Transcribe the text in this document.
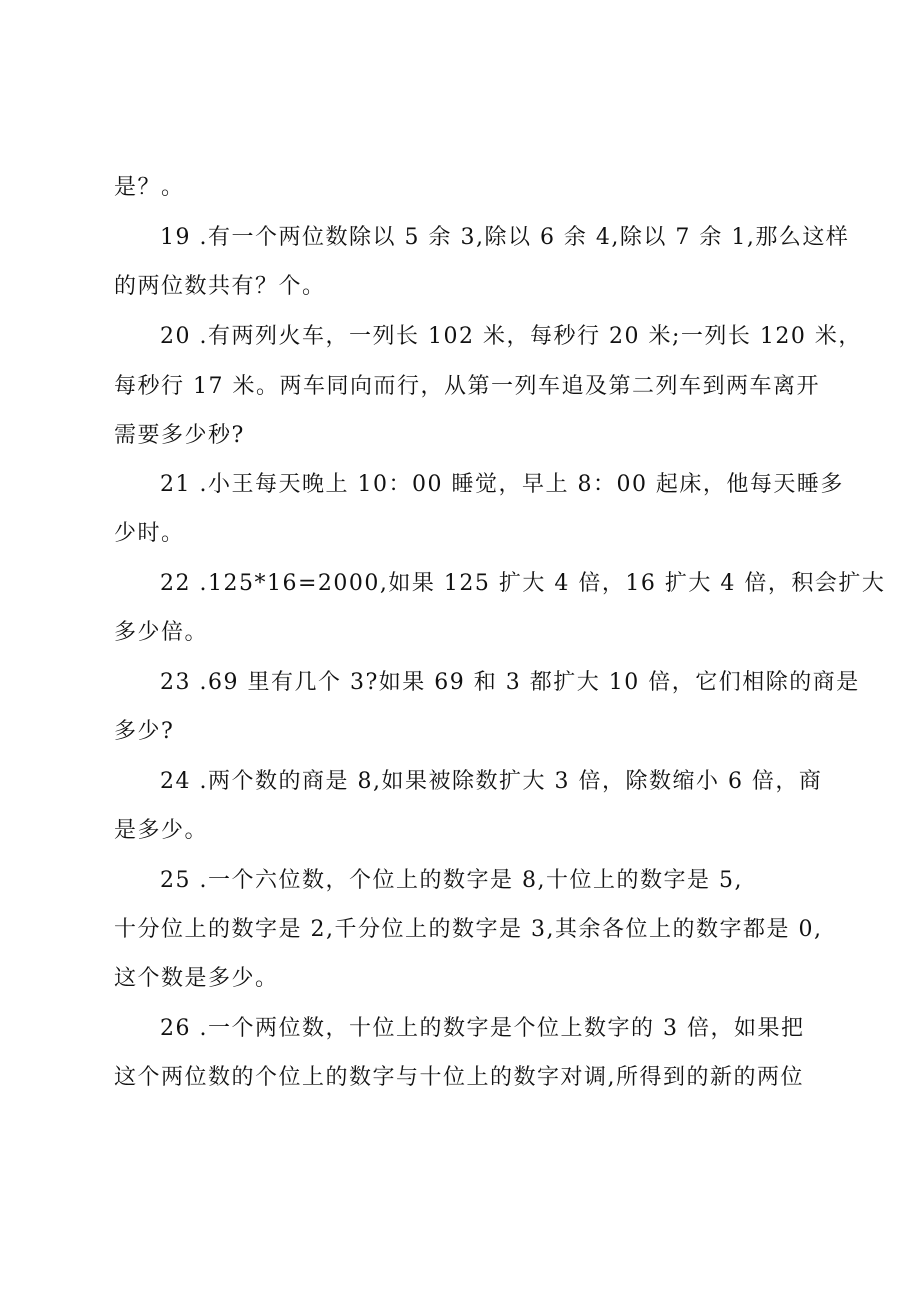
是？。
19 .有一个两位数除以 5 余 3,除以 6 余 4,除以 7 余 1,那么这样
的两位数共有？个。
20 .有两列火车，一列长 102 米，每秒行 20 米;一列长 120 米，
每秒行 17 米。两车同向而行，从第一列车追及第二列车到两车离开
需要多少秒?
21 .小王每天晚上 10：00 睡觉，早上 8：00 起床，他每天睡多
少时。
22 .125*16=2000,如果 125 扩大 4 倍，16 扩大 4 倍，积会扩大
多少倍。
23 .69 里有几个 3?如果 69 和 3 都扩大 10 倍，它们相除的商是
多少?
24 .两个数的商是 8,如果被除数扩大 3 倍，除数缩小 6 倍，商
是多少。
25 .一个六位数，个位上的数字是 8,十位上的数字是 5,
十分位上的数字是 2,千分位上的数字是 3,其余各位上的数字都是 0,
这个数是多少。
26 .一个两位数，十位上的数字是个位上数字的 3 倍，如果把
这个两位数的个位上的数字与十位上的数字对调,所得到的新的两位
